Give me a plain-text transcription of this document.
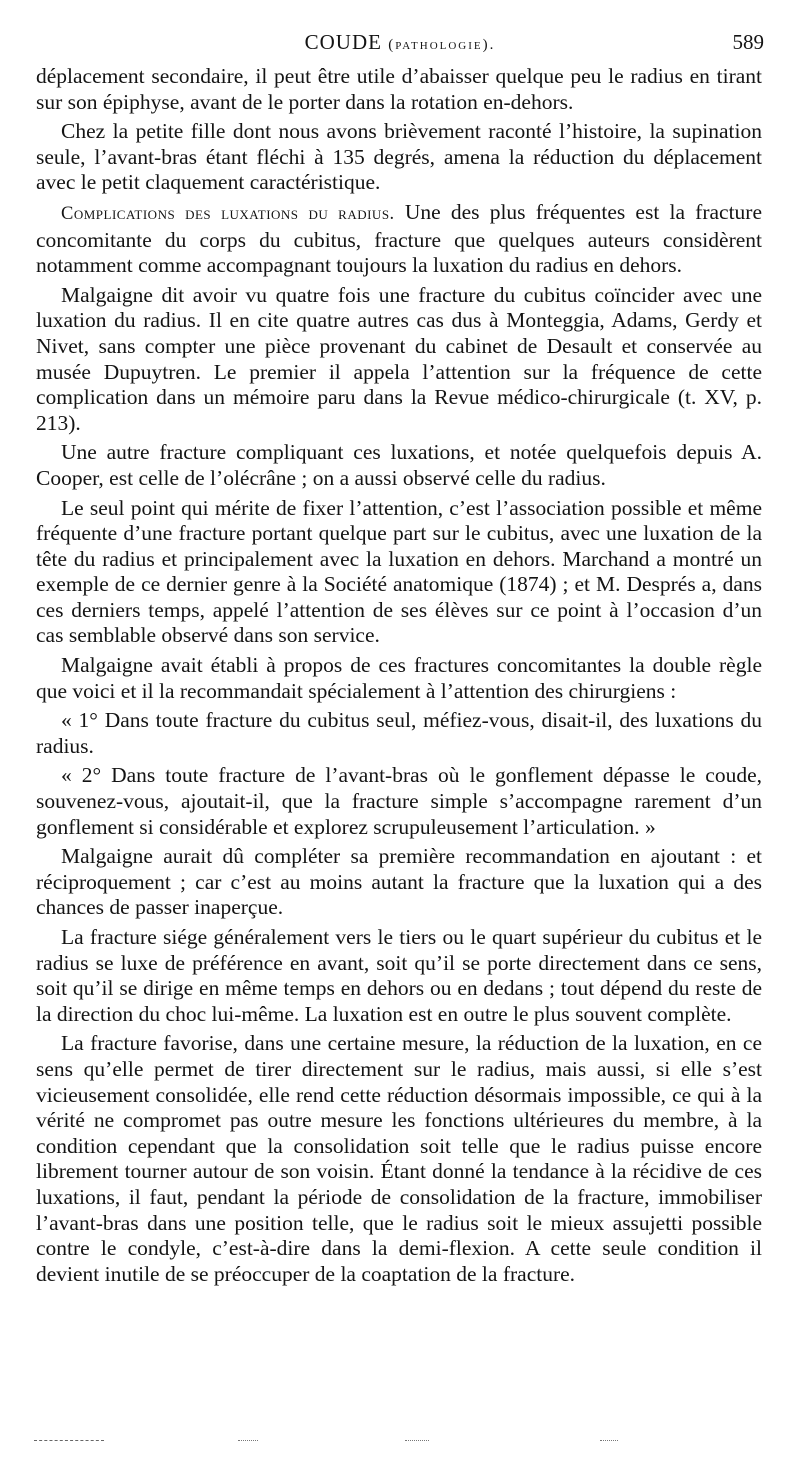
COUDE (pathologie).	589

déplacement secondaire, il peut être utile d’abaisser quelque peu le radius en tirant sur son épiphyse, avant de le porter dans la rotation en-dehors.

Chez la petite fille dont nous avons brièvement raconté l’histoire, la supination seule, l’avant-bras étant fléchi à 135 degrés, amena la réduction du déplacement avec le petit claquement caractéristique.

Complications des luxations du radius. Une des plus fréquentes est la fracture concomitante du corps du cubitus, fracture que quelques auteurs considèrent notamment comme accompagnant toujours la luxation du radius en dehors.

Malgaigne dit avoir vu quatre fois une fracture du cubitus coïncider avec une luxation du radius. Il en cite quatre autres cas dus à Monteggia, Adams, Gerdy et Nivet, sans compter une pièce provenant du cabinet de Desault et conservée au musée Dupuytren. Le premier il appela l’attention sur la fréquence de cette complication dans un mémoire paru dans la Revue médico-chirurgicale (t. XV, p. 213).

Une autre fracture compliquant ces luxations, et notée quelquefois depuis A. Cooper, est celle de l’olécrâne ; on a aussi observé celle du radius.

Le seul point qui mérite de fixer l’attention, c’est l’association possible et même fréquente d’une fracture portant quelque part sur le cubitus, avec une luxation de la tête du radius et principalement avec la luxation en dehors. Marchand a montré un exemple de ce dernier genre à la Société anatomique (1874) ; et M. Després a, dans ces derniers temps, appelé l’attention de ses élèves sur ce point à l’occasion d’un cas semblable observé dans son service.

Malgaigne avait établi à propos de ces fractures concomitantes la double règle que voici et il la recommandait spécialement à l’attention des chirurgiens :

« 1° Dans toute fracture du cubitus seul, méfiez-vous, disait-il, des luxations du radius.

« 2° Dans toute fracture de l’avant-bras où le gonflement dépasse le coude, souvenez-vous, ajoutait-il, que la fracture simple s’accompagne rarement d’un gonflement si considérable et explorez scrupuleusement l’articulation. »

Malgaigne aurait dû compléter sa première recommandation en ajoutant : et réciproquement ; car c’est au moins autant la fracture que la luxation qui a des chances de passer inaperçue.

La fracture siége généralement vers le tiers ou le quart supérieur du cubitus et le radius se luxe de préférence en avant, soit qu’il se porte directement dans ce sens, soit qu’il se dirige en même temps en dehors ou en dedans ; tout dépend du reste de la direction du choc lui-même. La luxation est en outre le plus souvent complète.

La fracture favorise, dans une certaine mesure, la réduction de la luxation, en ce sens qu’elle permet de tirer directement sur le radius, mais aussi, si elle s’est vicieusement consolidée, elle rend cette réduction désormais impossible, ce qui à la vérité ne compromet pas outre mesure les fonctions ultérieures du membre, à la condition cependant que la consolidation soit telle que le radius puisse encore librement tourner autour de son voisin. Étant donné la tendance à la récidive de ces luxations, il faut, pendant la période de consolidation de la fracture, immobiliser l’avant-bras dans une position telle, que le radius soit le mieux assujetti possible contre le condyle, c’est-à-dire dans la demi-flexion. A cette seule condition il devient inutile de se préoccuper de la coaptation de la fracture.
